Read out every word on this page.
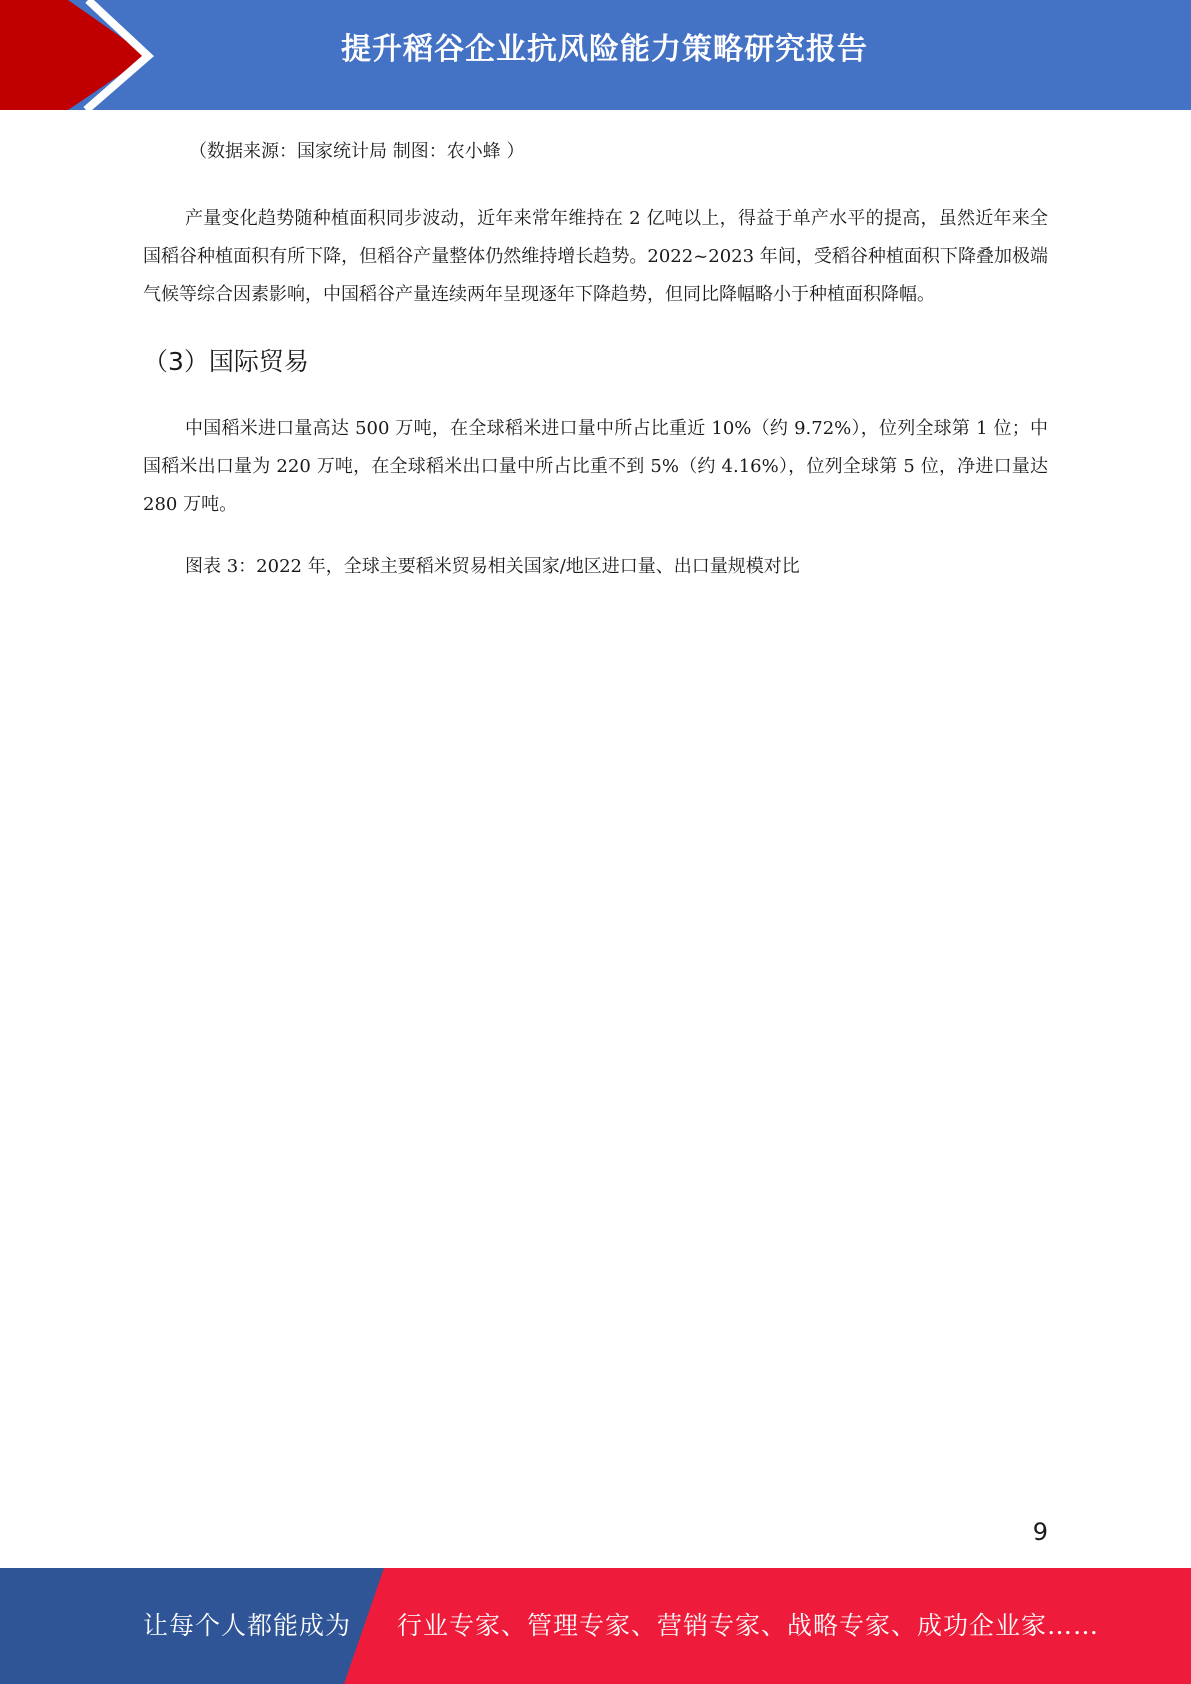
提升稻谷企业抗风险能力策略研究报告

（数据来源：国家统计局 制图：农小蜂 ）

产量变化趋势随种植面积同步波动，近年来常年维持在 2 亿吨以上，得益于单产水平的提高，虽然近年来全国稻谷种植面积有所下降，但稻谷产量整体仍然维持增长趋势。2022~2023 年间，受稻谷种植面积下降叠加极端气候等综合因素影响，中国稻谷产量连续两年呈现逐年下降趋势，但同比降幅略小于种植面积降幅。

（3）国际贸易

中国稻米进口量高达 500 万吨，在全球稻米进口量中所占比重近 10%（约 9.72%），位列全球第 1 位；中国稻米出口量为 220 万吨，在全球稻米出口量中所占比重不到 5%（约 4.16%），位列全球第 5 位，净进口量达 280 万吨。

图表 3：2022 年，全球主要稻米贸易相关国家/地区进口量、出口量规模对比

9
让每个人都能成为 行业专家、管理专家、营销专家、战略专家、成功企业家……
